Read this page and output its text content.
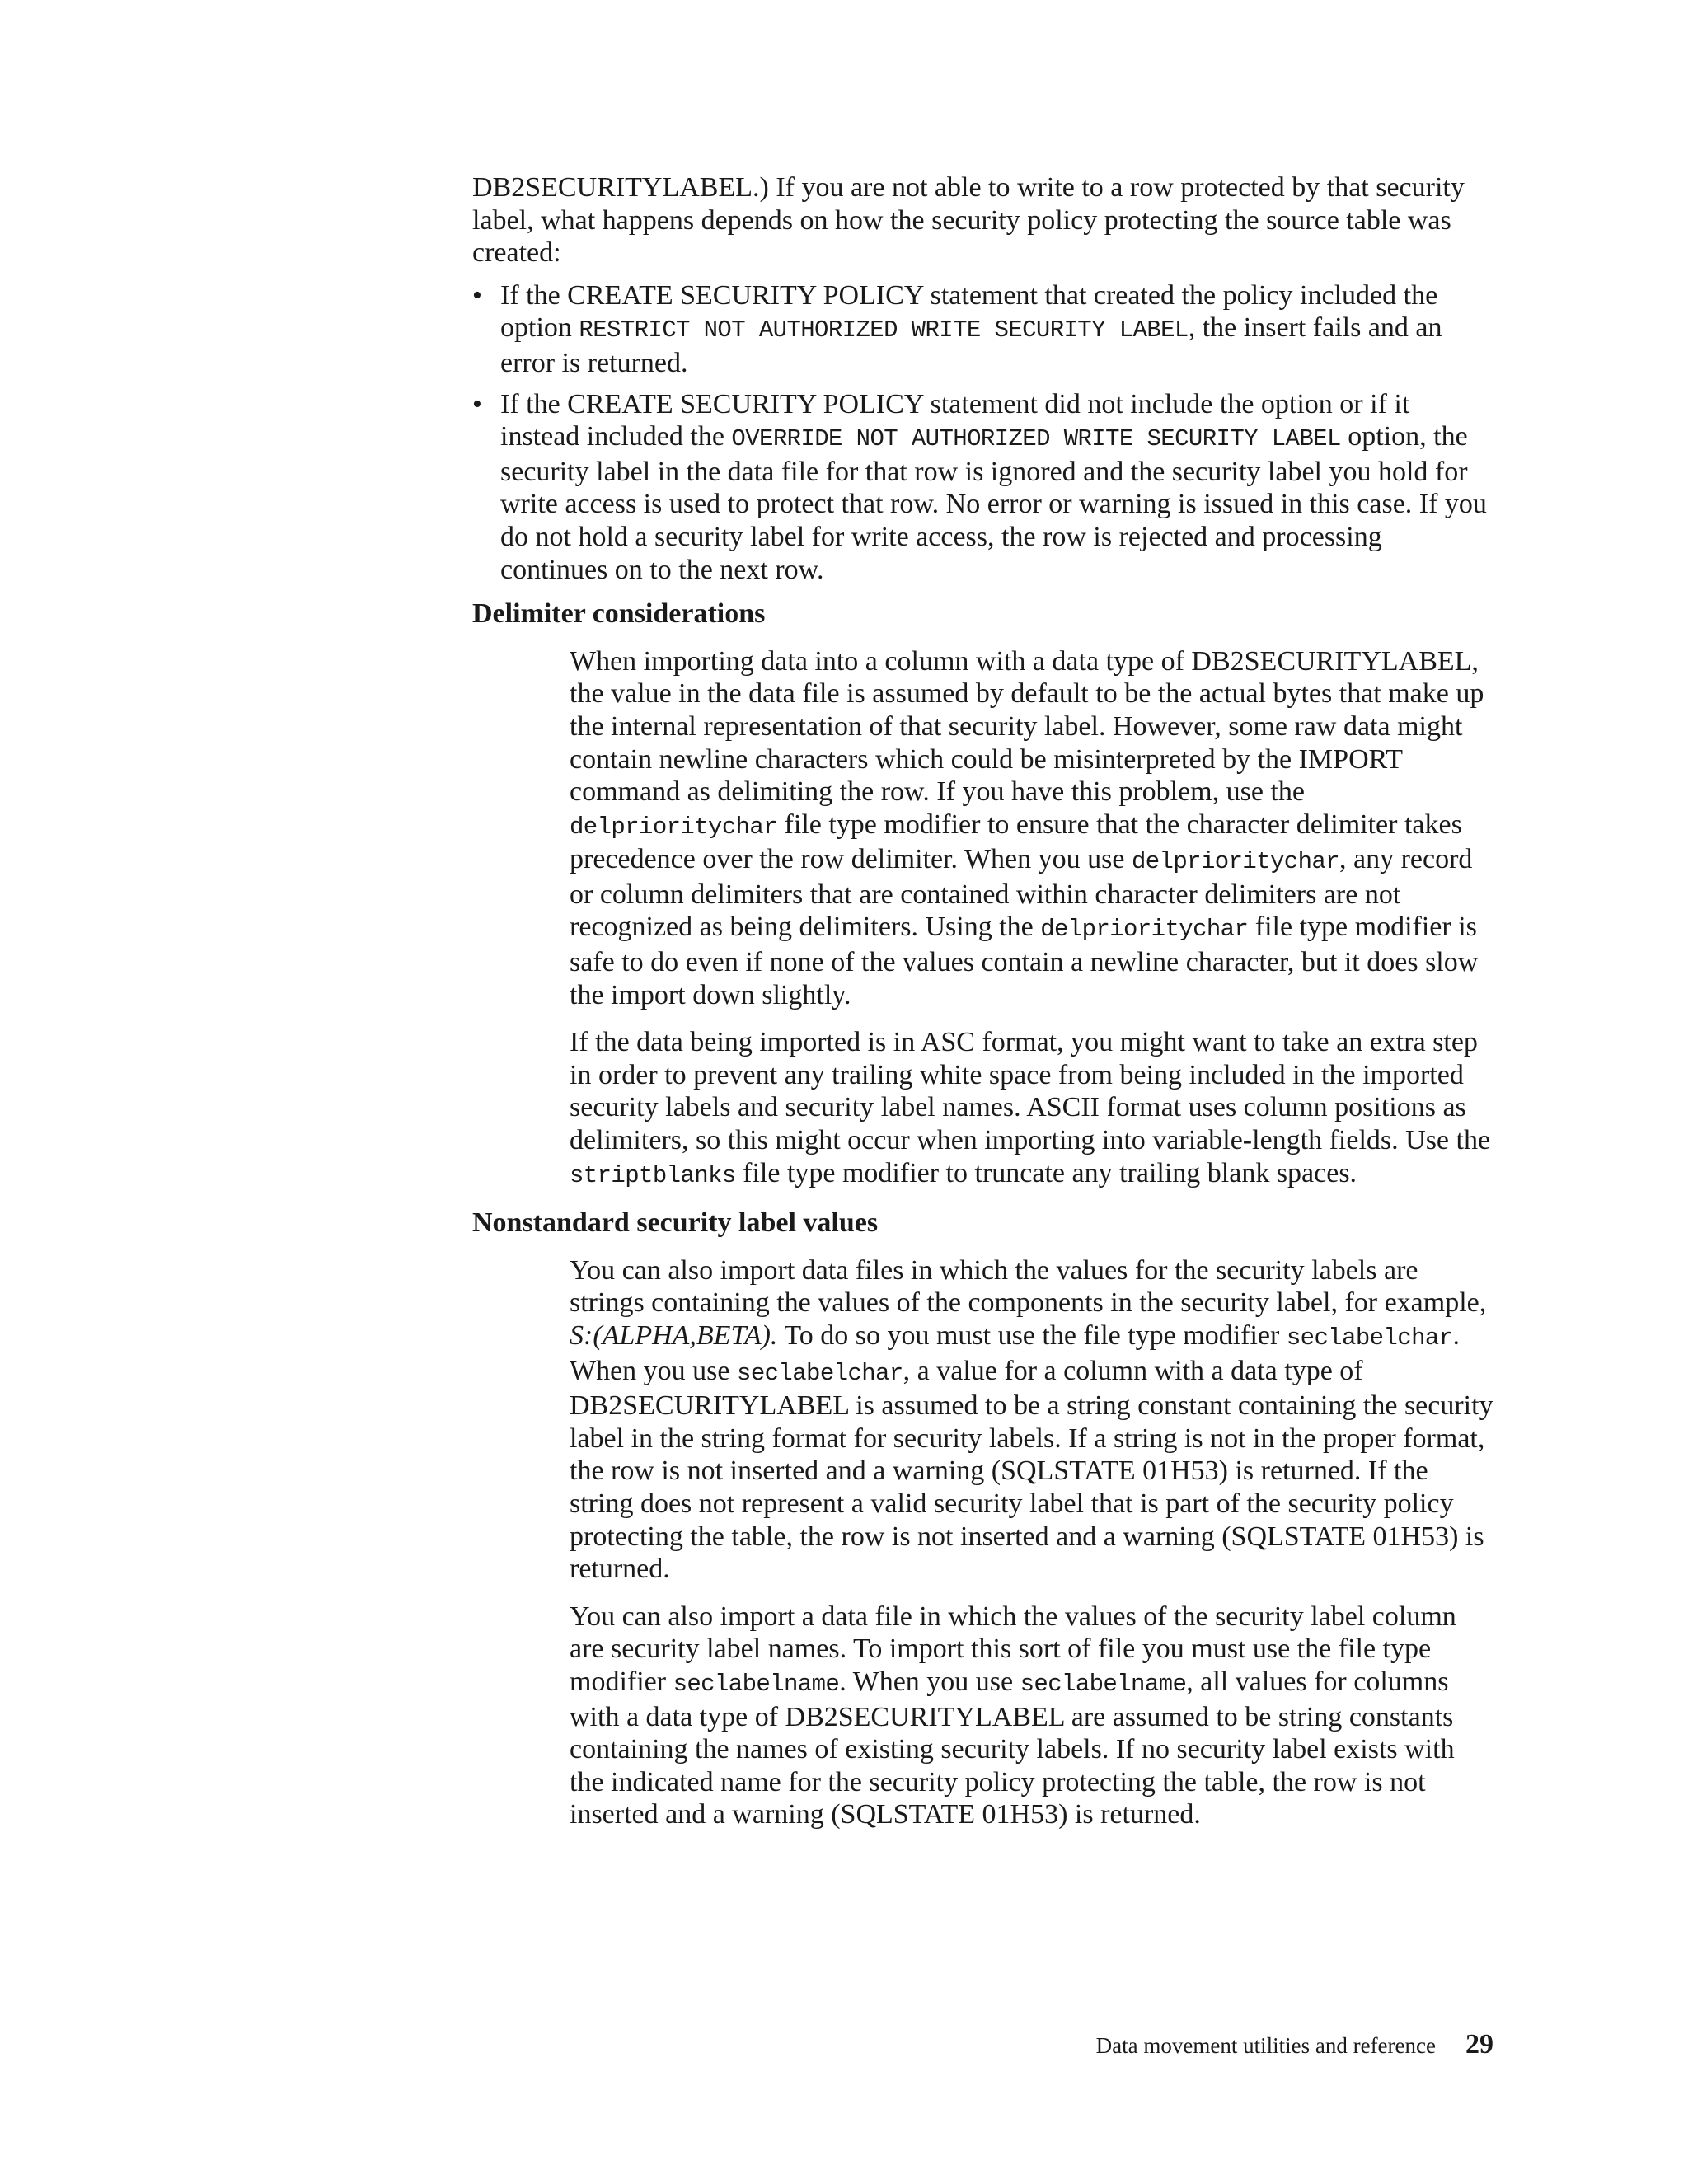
DB2SECURITYLABEL.) If you are not able to write to a row protected by that security label, what happens depends on how the security policy protecting the source table was created:

• If the CREATE SECURITY POLICY statement that created the policy included the option RESTRICT NOT AUTHORIZED WRITE SECURITY LABEL, the insert fails and an error is returned.
• If the CREATE SECURITY POLICY statement did not include the option or if it instead included the OVERRIDE NOT AUTHORIZED WRITE SECURITY LABEL option, the security label in the data file for that row is ignored and the security label you hold for write access is used to protect that row. No error or warning is issued in this case. If you do not hold a security label for write access, the row is rejected and processing continues on to the next row.
Delimiter considerations

When importing data into a column with a data type of DB2SECURITYLABEL, the value in the data file is assumed by default to be the actual bytes that make up the internal representation of that security label. However, some raw data might contain newline characters which could be misinterpreted by the IMPORT command as delimiting the row. If you have this problem, use the delprioritychar file type modifier to ensure that the character delimiter takes precedence over the row delimiter. When you use delprioritychar, any record or column delimiters that are contained within character delimiters are not recognized as being delimiters. Using the delprioritychar file type modifier is safe to do even if none of the values contain a newline character, but it does slow the import down slightly.

If the data being imported is in ASC format, you might want to take an extra step in order to prevent any trailing white space from being included in the imported security labels and security label names. ASCII format uses column positions as delimiters, so this might occur when importing into variable-length fields. Use the striptblanks file type modifier to truncate any trailing blank spaces.

Nonstandard security label values

You can also import data files in which the values for the security labels are strings containing the values of the components in the security label, for example, S:(ALPHA,BETA). To do so you must use the file type modifier seclabelchar. When you use seclabelchar, a value for a column with a data type of DB2SECURITYLABEL is assumed to be a string constant containing the security label in the string format for security labels. If a string is not in the proper format, the row is not inserted and a warning (SQLSTATE 01H53) is returned. If the string does not represent a valid security label that is part of the security policy protecting the table, the row is not inserted and a warning (SQLSTATE 01H53) is returned.

You can also import a data file in which the values of the security label column are security label names. To import this sort of file you must use the file type modifier seclabelname. When you use seclabelname, all values for columns with a data type of DB2SECURITYLABEL are assumed to be string constants containing the names of existing security labels. If no security label exists with the indicated name for the security policy protecting the table, the row is not inserted and a warning (SQLSTATE 01H53) is returned.

Data movement utilities and reference 29
